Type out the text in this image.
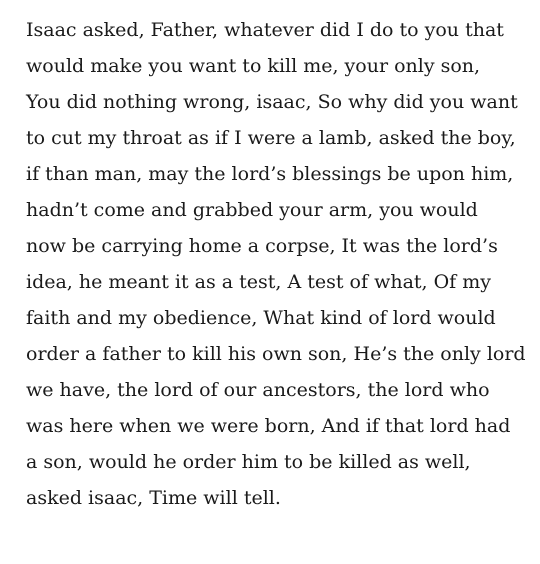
Isaac asked, Father, whatever did I do to you that
would make you want to kill me, your only son,
You did nothing wrong, isaac, So why did you want
to cut my throat as if I were a lamb, asked the boy,
if than man, may the lord’s blessings be upon him,
hadn’t come and grabbed your arm, you would
now be carrying home a corpse, It was the lord’s
idea, he meant it as a test, A test of what, Of my
faith and my obedience, What kind of lord would
order a father to kill his own son, He’s the only lord
we have, the lord of our ancestors, the lord who
was here when we were born, And if that lord had
a son, would he order him to be killed as well,
asked isaac, Time will tell.
